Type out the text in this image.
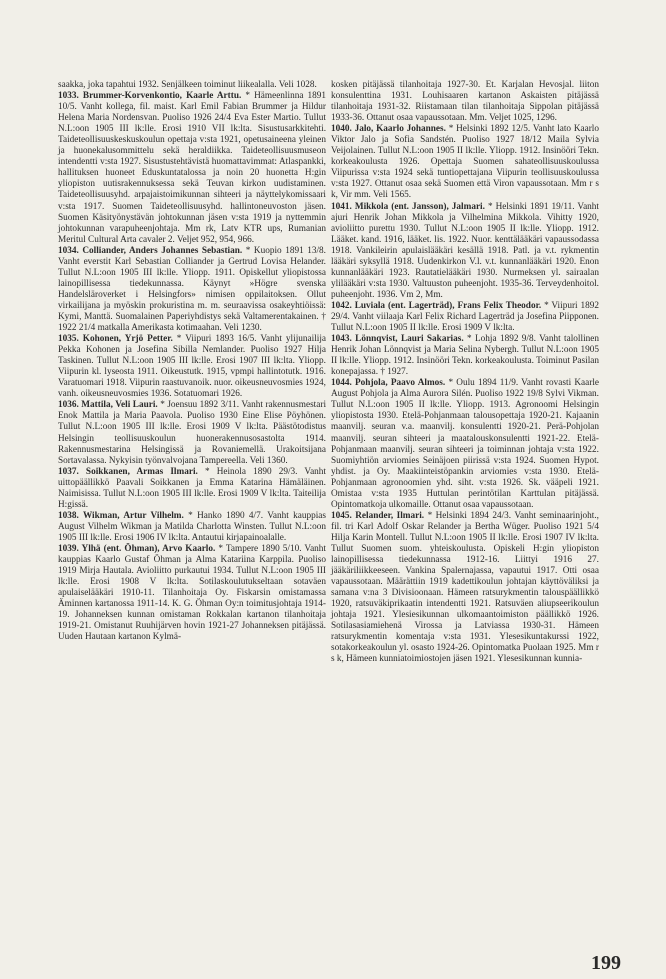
saakka, joka tapahtui 1932. Senjälkeen toiminut liikealalla. Veli 1028.

1033. Brummer-Korvenkontio, Kaarle Arttu. * Hämeenlinna 1891 10/5. Vanht kollega, fil. maist. Karl Emil Fabian Brummer ja Hildur Helena Maria Nordensvan. Puoliso 1926 24/4 Eva Ester Martio. Tullut N.L:oon 1905 III lk:lle. Erosi 1910 VII lk:lta. Sisustusarkkitehti. Taideteollisuuskeskuskoulun opettaja v:sta 1921, opetusaineena yleinen ja huonekalusommittelu sekä heraldiikka. Taideteollisuusmuseon intendentti v:sta 1927. Sisustustehtävistä huomattavimmat: Atlaspankki, hallituksen huoneet Eduskuntatalossa ja noin 20 huonetta H:gin yliopiston uutisrakennuksessa sekä Teuvan kirkon uudistaminen. Taideteollisuusyhd. arpajaistoimikunnan sihteeri ja näyttelykomissaari v:sta 1917. Suomen Taideteollisuusyhd. hallintoneuvoston jäsen. Suomen Käsityönystävän johtokunnan jäsen v:sta 1919 ja nyttemmin johtokunnan varapuheenjohtaja. Mm rk, Latv KTR ups, Rumanian Meritul Cultural Arta cavaler 2. Veljet 952, 954, 966.

1034. Colliander, Anders Johannes Sebastian. * Kuopio 1891 13/8. Vanht everstit Karl Sebastian Colliander ja Gertrud Lovisa Helander. Tullut N.L:oon 1905 III lk:lle. Yliopp. 1911. Opiskellut yliopistossa lainopillisessa tiedekunnassa. Käynyt »Högre svenska Handelsläroverket i Helsingfors» nimisen oppilaitoksen. Ollut virkailijana ja myöskin prokuristina m. m. seuraavissa osakeyhtiöissä: Kymi, Manttä. Suomalainen Paperiyhdistys sekä Valtamerentakainen. † 1922 21/4 matkalla Amerikasta kotimaahan. Veli 1230.

1035. Kohonen, Yrjö Petter. * Viipuri 1893 16/5. Vanht ylijunailija Pekka Kohonen ja Josefina Sibilla Nemlander. Puoliso 1927 Hilja Taskinen. Tullut N.L:oon 1905 III lk:lle. Erosi 1907 III lk:lta. Yliopp. Viipurin kl. lyseosta 1911. Oikeustutk. 1915, vpmpi hallintotutk. 1916. Varatuomari 1918. Viipurin raastuvanoik. nuor. oikeusneuvosmies 1924, vanh. oikeusneuvosmies 1936. Sotatuomari 1926.

1036. Mattila, Veli Lauri. * Joensuu 1892 3/11. Vanht rakennusmestari Enok Mattila ja Maria Paavola. Puoliso 1930 Eine Elise Pöyhönen. Tullut N.L:oon 1905 III lk:lle. Erosi 1909 V lk:lta. Päästötodistus Helsingin teollisuuskoulun huonerakennusosastolta 1914. Rakennusmestarina Helsingissä ja Rovaniemellä. Urakoitsijana Sortavalassa. Nykyisin työnvalvojana Tampereella. Veli 1360.

1037. Soikkanen, Armas Ilmari. * Heinola 1890 29/3. Vanht uittopäällikkö Paavali Soikkanen ja Emma Katarina Hämäläinen. Naimisissa. Tullut N.L:oon 1905 III lk:lle. Erosi 1909 V lk:lta. Taiteilija H:gissä.

1038. Wikman, Artur Vilhelm. * Hanko 1890 4/7. Vanht kauppias August Vilhelm Wikman ja Matilda Charlotta Winsten. Tullut N.L:oon 1905 III lk:lle. Erosi 1906 IV lk:lta. Antautui kirjapainoalalle.

1039. Ylhä (ent. Öhman), Arvo Kaarlo. * Tampere 1890 5/10. Vanht kauppias Kaarlo Gustaf Öhman ja Alma Katariina Karppila. Puoliso 1919 Mirja Hautala. Avioliitto purkautui 1934. Tullut N.L:oon 1905 III lk:lle. Erosi 1908 V lk:lta. Sotilaskoulutukseltaan sotaväen apulaiselääkäri 1910-11. Tilanhoitaja Oy. Fiskarsin omistamassa Äminnen kartanossa 1911-14. K. G. Öhman Oy:n toimitusjohtaja 1914-19. Johanneksen kunnan omistaman Rokkalan kartanon tilanhoitaja 1919-21. Omistanut Ruuhijärven hovin 1921-27 Johanneksen pitäjässä. Uuden Hautaan kartanon Kylmä-

kosken pitäjässä tilanhoitaja 1927-30. Et. Karjalan Hevosjal. liiton konsulenttina 1931. Louhisaaren kartanon Askaisten pitäjässä tilanhoitaja 1931-32. Riistamaan tilan tilanhoitaja Sippolan pitäjässä 1933-36. Ottanut osaa vapaussotaan. Mm. Veljet 1025, 1296.

1040. Jalo, Kaarlo Johannes. * Helsinki 1892 12/5. Vanht lato Kaarlo Viktor Jalo ja Sofia Sandstén. Puoliso 1927 18/12 Maila Sylvia Veijolainen. Tullut N.L:oon 1905 II lk:lle. Yliopp. 1912. Insinööri Tekn. korkeakoulusta 1926. Opettaja Suomen sahateollisuuskoulussa Viipurissa v:sta 1924 sekä tuntiopettajana Viipurin teollisuuskoulussa v:sta 1927. Ottanut osaa sekä Suomen että Viron vapaussotaan. Mm r s k, Vir mm. Veli 1565.

1041. Mikkola (ent. Jansson), Jalmari. * Helsinki 1891 19/11. Vanht ajuri Henrik Johan Mikkola ja Vilhelmina Mikkola. Vihitty 1920, avioliitto purettu 1930. Tullut N.L:oon 1905 II lk:lle. Yliopp. 1912. Lääket. kand. 1916, lääket. lis. 1922. Nuor. kenttälääkäri vapaussodassa 1918. Vankileirin apulaislääkäri kesällä 1918. Patl. ja v.t. rykmentin lääkäri syksyllä 1918. Uudenkirkon V.l. v.t. kunnanlääkäri 1920. Enon kunnanlääkäri 1923. Rautatielääkäri 1930. Nurmeksen yl. sairaalan ylilääkäri v:sta 1930. Valtuuston puheenjoht. 1935-36. Terveydenhoitol. puheenjoht. 1936. Vm 2, Mm.

1042. Luviala (ent. Lagerträd), Frans Felix Theodor. * Viipuri 1892 29/4. Vanht viilaaja Karl Felix Richard Lagerträd ja Josefina Piipponen. Tullut N.L:oon 1905 II lk:lle. Erosi 1909 V lk:lta.

1043. Lönnqvist, Lauri Sakarias. * Lohja 1892 9/8. Vanht talollinen Henrik Johan Lönnqvist ja Maria Selina Nybergh. Tullut N.L:oon 1905 II lk:lle. Yliopp. 1912. Insinööri Tekn. korkeakoulusta. Toiminut Pasilan konepajassa. † 1927.

1044. Pohjola, Paavo Almos. * Oulu 1894 11/9. Vanht rovasti Kaarle August Pohjola ja Alma Aurora Silén. Puoliso 1922 19/8 Sylvi Vikman. Tullut N.L:oon 1905 II lk:lle. Yliopp. 1913. Agronoomi Helsingin yliopistosta 1930. Etelä-Pohjanmaan talousopettaja 1920-21. Kajaanin maanvilj. seuran v.a. maanvilj. konsulentti 1920-21. Perä-Pohjolan maanvilj. seuran sihteeri ja maatalouskonsulentti 1921-22. Etelä-Pohjanmaan maanvilj. seuran sihteeri ja toiminnan johtaja v:sta 1922. Suomiyhtiön arviomies Seinäjoen piirissä v:sta 1924. Suomen Hypot. yhdist. ja Oy. Maakiinteistöpankin arviomies v:sta 1930. Etelä-Pohjanmaan agronoomien yhd. siht. v:sta 1926. Sk. vääpeli 1921. Omistaa v:sta 1935 Huttulan perintötilan Karttulan pitäjässä. Opintomatkoja ulkomaille. Ottanut osaa vapaussotaan.

1045. Relander, Ilmari. * Helsinki 1894 24/3. Vanht seminaarinjoht., fil. tri Karl Adolf Oskar Relander ja Bertha Wüger. Puoliso 1921 5/4 Hilja Karin Montell. Tullut N.L:oon 1905 II lk:lle. Erosi 1907 IV lk:lta. Tullut Suomen suom. yhteiskoulusta. Opiskeli H:gin yliopiston lainopillisessa tiedekunnassa 1912-16. Liittyi 1916 27. jääkäriliikkeeseen. Vankina Spalernajassa, vapautui 1917. Otti osaa vapaussotaan. Määrättiin 1919 kadettikoulun johtajan käyttöväliksi ja samana v:na 3 Divisioonaan. Hämeen ratsurykmentin talouspäällikkö 1920, ratsuväkiprikaatin intendentti 1921. Ratsuväen aliupseerikoulun johtaja 1921. Ylesiesikunnan ulkomaantoimiston päällikkö 1926. Sotilasasiamiehenä Virossa ja Latviassa 1930-31. Hämeen ratsurykmentin komentaja v:sta 1931. Ylesesikuntakurssi 1922, sotakorkeakoulun yl. osasto 1924-26. Opintomatka Puolaan 1925. Mm r s k, Hämeen kunniatoimiostojen jäsen 1921. Ylesesikunnan kunnia-

199
